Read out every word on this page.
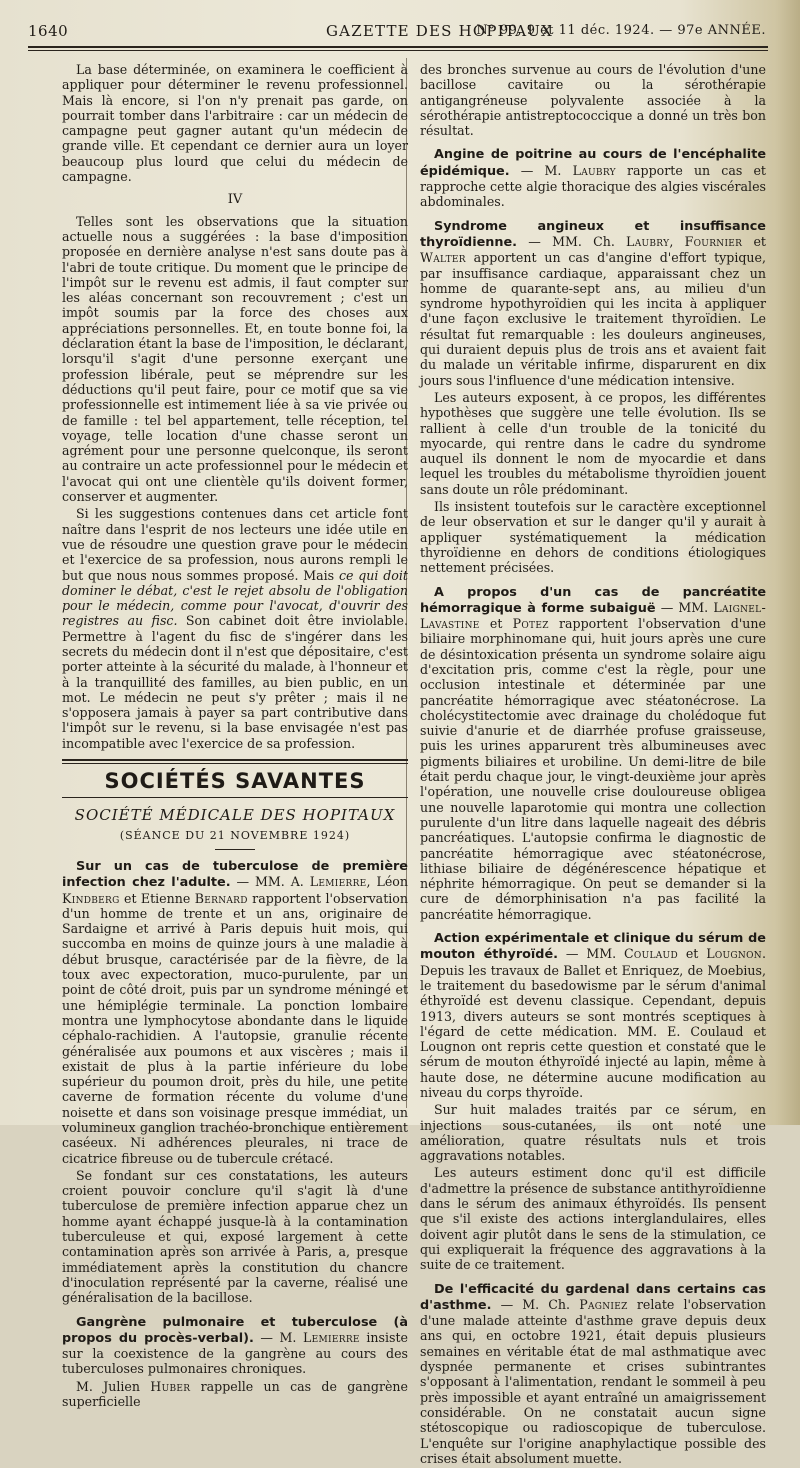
1640	GAZETTE DES HOPITAUX
N° 99, 9 et 11 déc. 1924. — 97e ANNÉE.

La base déterminée, on examinera le coefficient à appliquer pour déterminer le revenu professionnel. Mais là encore, si l'on n'y prenait pas garde, on pourrait tomber dans l'arbitraire : car un médecin de campagne peut gagner autant qu'un médecin de grande ville. Et cependant ce dernier aura un loyer beaucoup plus lourd que celui du médecin de campagne.

IV

Telles sont les observations que la situation actuelle nous a suggérées : la base d'imposition proposée en dernière analyse n'est sans doute pas à l'abri de toute critique. Du moment que le principe de l'impôt sur le revenu est admis, il faut compter sur les aléas concernant son recouvrement ; c'est un impôt soumis par la force des choses aux appréciations personnelles. Et, en toute bonne foi, la déclaration étant la base de l'imposition, le déclarant, lorsqu'il s'agit d'une personne exerçant une profession libérale, peut se méprendre sur les déductions qu'il peut faire, pour ce motif que sa vie professionnelle est intimement liée à sa vie privée ou de famille : tel bel appartement, telle réception, tel voyage, telle location d'une chasse seront un agrément pour une personne quelconque, ils seront au contraire un acte professionnel pour le médecin et l'avocat qui ont une clientèle qu'ils doivent former, conserver et augmenter.

Si les suggestions contenues dans cet article font naître dans l'esprit de nos lecteurs une idée utile en vue de résoudre une question grave pour le médecin et l'exercice de sa profession, nous aurons rempli le but que nous nous sommes proposé. Mais ce qui doit dominer le débat, c'est le rejet absolu de l'obligation pour le médecin, comme pour l'avocat, d'ouvrir des registres au fisc. Son cabinet doit être inviolable. Permettre à l'agent du fisc de s'ingérer dans les secrets du médecin dont il n'est que dépositaire, c'est porter atteinte à la sécurité du malade, à l'honneur et à la tranquillité des familles, au bien public, en un mot. Le médecin ne peut s'y prêter ; mais il ne s'opposera jamais à payer sa part contributive dans l'impôt sur le revenu, si la base envisagée n'est pas incompatible avec l'exercice de sa profession.

SOCIÉTÉS SAVANTES
SOCIÉTÉ MÉDICALE DES HOPITAUX
(SÉANCE DU 21 NOVEMBRE 1924)

Sur un cas de tuberculose de première infection chez l'adulte. — MM. A. Lemierre, Léon Kindberg et Etienne Bernard rapportent l'observation d'un homme de trente et un ans, originaire de Sardaigne et arrivé à Paris depuis huit mois, qui succomba en moins de quinze jours à une maladie à début brusque, caractérisée par de la fièvre, de la toux avec expectoration, muco-purulente, par un point de côté droit, puis par un syndrome méningé et une hémiplégie terminale. La ponction lombaire montra une lymphocytose abondante dans le liquide céphalo-rachidien. A l'autopsie, granulie récente généralisée aux poumons et aux viscères ; mais il existait de plus à la partie inférieure du lobe supérieur du poumon droit, près du hile, une petite caverne de formation récente du volume d'une noisette et dans son voisinage presque immédiat, un volumineux ganglion trachéo-bronchique entièrement caséeux. Ni adhérences pleurales, ni trace de cicatrice fibreuse ou de tubercule crétacé.

Se fondant sur ces constatations, les auteurs croient pouvoir conclure qu'il s'agit là d'une tuberculose de première infection apparue chez un homme ayant échappé jusque-là à la contamination tuberculeuse et qui, exposé largement à cette contamination après son arrivée à Paris, a, presque immédiatement après la constitution du chancre d'inoculation représenté par la caverne, réalisé une généralisation de la bacillose.

Gangrène pulmonaire et tuberculose (à propos du procès-verbal). — M. Lemierre insiste sur la coexistence de la gangrène au cours des tuberculoses pulmonaires chroniques.

M. Julien Huber rappelle un cas de gangrène superficielle

des bronches survenue au cours de l'évolution d'une bacillose cavitaire ou la sérothérapie antigangréneuse polyvalente associée à la sérothérapie antistreptococcique a donné un très bon résultat.

Angine de poitrine au cours de l'encéphalite épidémique. — M. Laubry rapporte un cas et rapproche cette algie thoracique des algies viscérales abdominales.

Syndrome angineux et insuffisance thyroïdienne. — MM. Ch. Laubry, Fournier et Walter apportent un cas d'angine d'effort typique, par insuffisance cardiaque, apparaissant chez un homme de quarante-sept ans, au milieu d'un syndrome hypothyroïdien qui les incita à appliquer d'une façon exclusive le traitement thyroïdien. Le résultat fut remarquable : les douleurs angineuses, qui duraient depuis plus de trois ans et avaient fait du malade un véritable infirme, disparurent en dix jours sous l'influence d'une médication intensive.

Les auteurs exposent, à ce propos, les différentes hypothèses que suggère une telle évolution. Ils se rallient à celle d'un trouble de la tonicité du myocarde, qui rentre dans le cadre du syndrome auquel ils donnent le nom de myocardie et dans lequel les troubles du métabolisme thyroïdien jouent sans doute un rôle prédominant.

Ils insistent toutefois sur le caractère exceptionnel de leur observation et sur le danger qu'il y aurait à appliquer systématiquement la médication thyroïdienne en dehors de conditions étiologiques nettement précisées.

A propos d'un cas de pancréatite hémorragique à forme subaiguë — MM. Laignel-Lavastine et Potez rapportent l'observation d'une biliaire morphinomane qui, huit jours après une cure de désintoxication présenta un syndrome solaire aigu d'excitation pris, comme c'est la règle, pour une occlusion intestinale et déterminée par une pancréatite hémorragique avec stéatonécrose. La cholécystitectomie avec drainage du cholédoque fut suivie d'anurie et de diarrhée profuse graisseuse, puis les urines apparurent très albumineuses avec pigments biliaires et urobiline. Un demi-litre de bile était perdu chaque jour, le vingt-deuxième jour après l'opération, une nouvelle crise douloureuse obligea une nouvelle laparotomie qui montra une collection purulente d'un litre dans laquelle nageait des débris pancréatiques. L'autopsie confirma le diagnostic de pancréatite hémorragique avec stéatonécrose, lithiase biliaire de dégénérescence hépatique et néphrite hémorragique. On peut se demander si la cure de démorphinisation n'a pas facilité la pancréatite hémorragique.

Action expérimentale et clinique du sérum de mouton éthyroïdé. — MM. Coulaud et Lougnon. Depuis les travaux de Ballet et Enriquez, de Moebius, le traitement du basedowisme par le sérum d'animal éthyroïdé est devenu classique. Cependant, depuis 1913, divers auteurs se sont montrés sceptiques à l'égard de cette médication. MM. E. Coulaud et Lougnon ont repris cette question et constaté que le sérum de mouton éthyroïdé injecté au lapin, même à haute dose, ne détermine aucune modification au niveau du corps thyroïde.

Sur huit malades traités par ce sérum, en injections sous-cutanées, ils ont noté une amélioration, quatre résultats nuls et trois aggravations notables.

Les auteurs estiment donc qu'il est difficile d'admettre la présence de substance antithyroïdienne dans le sérum des animaux éthyroïdés. Ils pensent que s'il existe des actions interglandulaires, elles doivent agir plutôt dans le sens de la stimulation, ce qui expliquerait la fréquence des aggravations à la suite de ce traitement.

De l'efficacité du gardenal dans certains cas d'asthme. — M. Ch. Pagniez relate l'observation d'une malade atteinte d'asthme grave depuis deux ans qui, en octobre 1921, était depuis plusieurs semaines en véritable état de mal asthmatique avec dyspnée permanente et crises subintrantes s'opposant à l'alimentation, rendant le sommeil à peu près impossible et ayant entraîné un amaigrissement considérable. On ne constatait aucun signe stétoscopique ou radioscopique de tuberculose. L'enquête sur l'origine anaphylactique possible des crises était absolument muette.
